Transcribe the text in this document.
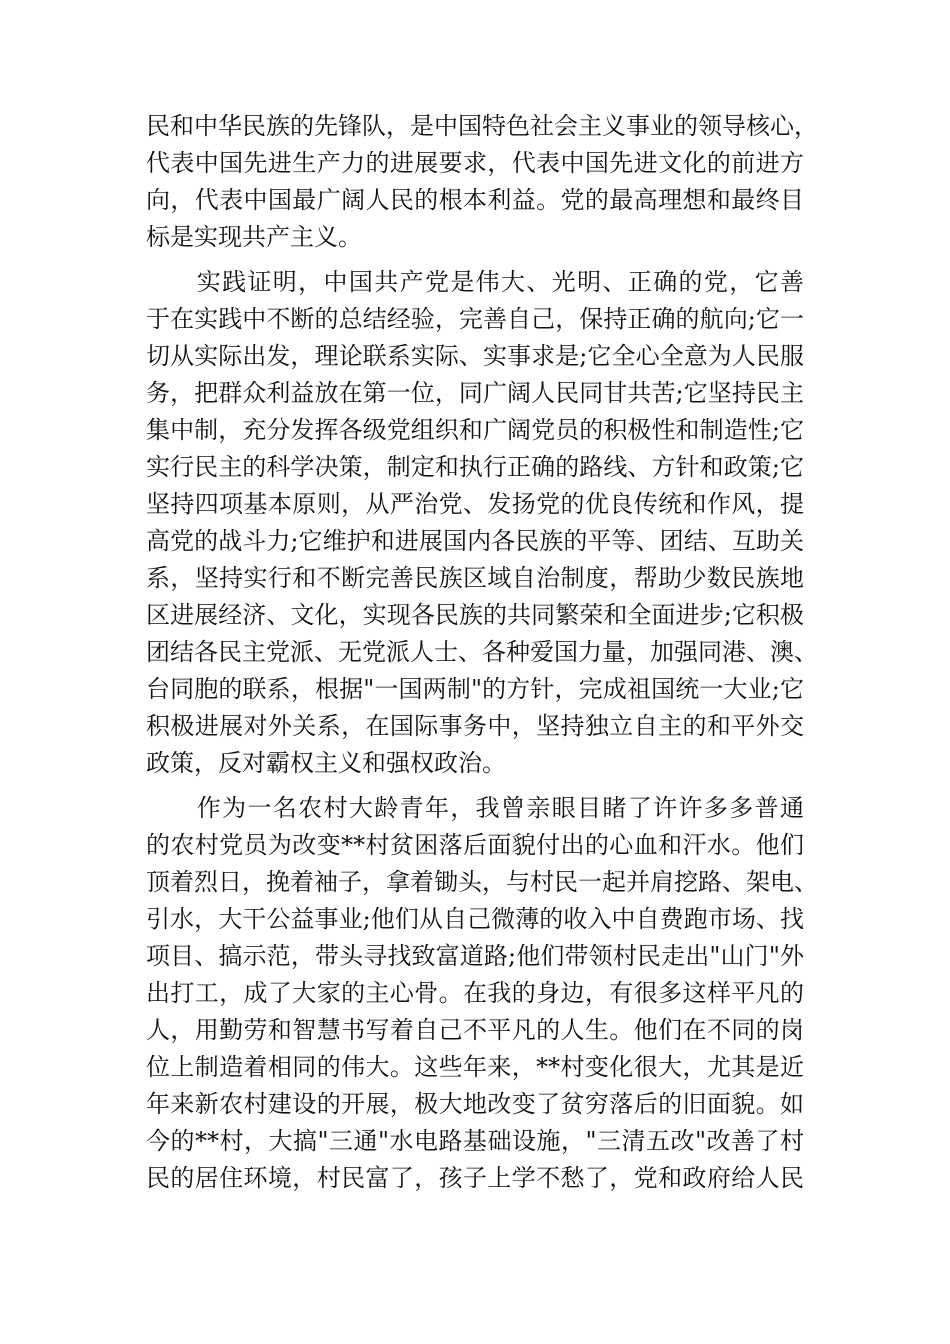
民和中华民族的先锋队，是中国特色社会主义事业的领导核心，
代表中国先进生产力的进展要求，代表中国先进文化的前进方
向，代表中国最广阔人民的根本利益。党的最高理想和最终目
标是实现共产主义。
　　实践证明，中国共产党是伟大、光明、正确的党，它善
于在实践中不断的总结经验，完善自己，保持正确的航向;它一
切从实际出发，理论联系实际、实事求是;它全心全意为人民服
务，把群众利益放在第一位，同广阔人民同甘共苦;它坚持民主
集中制，充分发挥各级党组织和广阔党员的积极性和制造性;它
实行民主的科学决策，制定和执行正确的路线、方针和政策;它
坚持四项基本原则，从严治党、发扬党的优良传统和作风，提
高党的战斗力;它维护和进展国内各民族的平等、团结、互助关
系，坚持实行和不断完善民族区域自治制度，帮助少数民族地
区进展经济、文化，实现各民族的共同繁荣和全面进步;它积极
团结各民主党派、无党派人士、各种爱国力量，加强同港、澳、
台同胞的联系，根据"一国两制"的方针，完成祖国统一大业;它
积极进展对外关系，在国际事务中，坚持独立自主的和平外交
政策，反对霸权主义和强权政治。
　　作为一名农村大龄青年，我曾亲眼目睹了许许多多普通
的农村党员为改变**村贫困落后面貌付出的心血和汗水。他们
顶着烈日，挽着袖子，拿着锄头，与村民一起并肩挖路、架电、
引水，大干公益事业;他们从自己微薄的收入中自费跑市场、找
项目、搞示范，带头寻找致富道路;他们带领村民走出"山门"外
出打工，成了大家的主心骨。在我的身边，有很多这样平凡的
人，用勤劳和智慧书写着自己不平凡的人生。他们在不同的岗
位上制造着相同的伟大。这些年来，**村变化很大，尤其是近
年来新农村建设的开展，极大地改变了贫穷落后的旧面貌。如
今的**村，大搞"三通"水电路基础设施，"三清五改"改善了村
民的居住环境，村民富了，孩子上学不愁了，党和政府给人民
